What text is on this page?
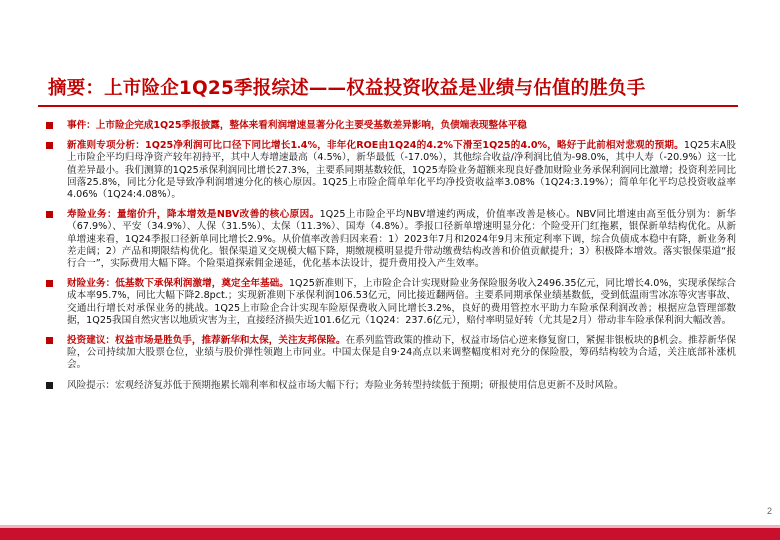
摘要：上市险企1Q25季报综述——权益投资收益是业绩与估值的胜负手
事件：上市险企完成1Q25季报披露，整体来看利润增速显著分化主要受基数差异影响，负债端表现整体平稳
新准则专项分析：1Q25净利润可比口径下同比增长1.4%，非年化ROE由1Q24的4.2%下滑至1Q25的4.0%，略好于此前相对悲观的预期。1Q25末A股上市险企平均归母净资产较年初持平，其中人寿增速最高（4.5%），新华最低（-17.0%），其他综合收益/净利润比值为-98.0%，其中人寿（-20.9%）这一比值差异最小。我们测算的1Q25承保利润同比增长27.3%，主要系同期基数较低，1Q25寿险业务超额来现良好叠加财险业务承保利润同比激增；投资利差同比回落25.8%，同比分化是导致净利润增速分化的核心原因。1Q25上市险企简单年化平均净投资收益率3.08%（1Q24:3.19%）；简单年化平均总投资收益率4.06%（1Q24:4.08%）。
寿险业务：量缩价升，降本增效是NBV改善的核心原因。1Q25上市险企平均NBV增速约两成，价值率改善是核心。NBV同比增速由高至低分别为：新华（67.9%）、平安（34.9%）、人保（31.5%）、太保（11.3%）、国寿（4.8%）。季报口径新单增速明显分化：个险受开门红拖累，银保新单结构优化。从新单增速来看，1Q24季报口径新单同比增长2.9%。从价值率改善归因来看：1）2023年7月和2024年9月末预定利率下调，综合负债成本稳中有降，新业务利差走阔；2）产品和期限结构优化。银保渠道叉交规模大幅下降，期缴规模明显提升带动缴费结构改善和价值贡献提升；3）积极降本增效。落实银保渠道“报行合一”，实际费用大幅下降。个险渠道探索佣金递延，优化基本法设计，提升费用投入产生效率。
财险业务：低基数下承保利润激增，奠定全年基础。1Q25新准则下，上市险企合计实现财险业务保险服务收入2496.35亿元，同比增长4.0%，实现承保综合成本率95.7%，同比大幅下降2.8pct.；实现新准则下承保利润106.53亿元，同比接近翻两倍。主要系同期承保业绩基数低，受到低温雨雪冰冻等灾害事故、交通出行增长对承保业务的挑战。1Q25上市险企合计实现车险原保费收入同比增长3.2%，良好的费用管控水平助力车险承保利润改善；根据应急管理部数据，1Q25我国自然灾害以地质灾害为主，直接经济损失近101.6亿元（1Q24：237.6亿元），赔付率明显好转（尤其是2月）带动非车险承保利润大幅改善。
投资建议：权益市场是胜负手，推荐新华和太保，关注友邦保险。在系列监管政策的推动下，权益市场信心逆来修复窗口，紧握非银板块的β机会。推荐新华保险，公司持续加大股票仓位，业绩与股价弹性领跑上市同业。中国太保是自9·24高点以来调整幅度相对充分的保险股，筹码结构较为合适，关注底部补涨机会。
风险提示：宏观经济复苏低于预期拖累长端利率和权益市场大幅下行；寿险业务转型持续低于预期；研报使用信息更新不及时风险。
2
